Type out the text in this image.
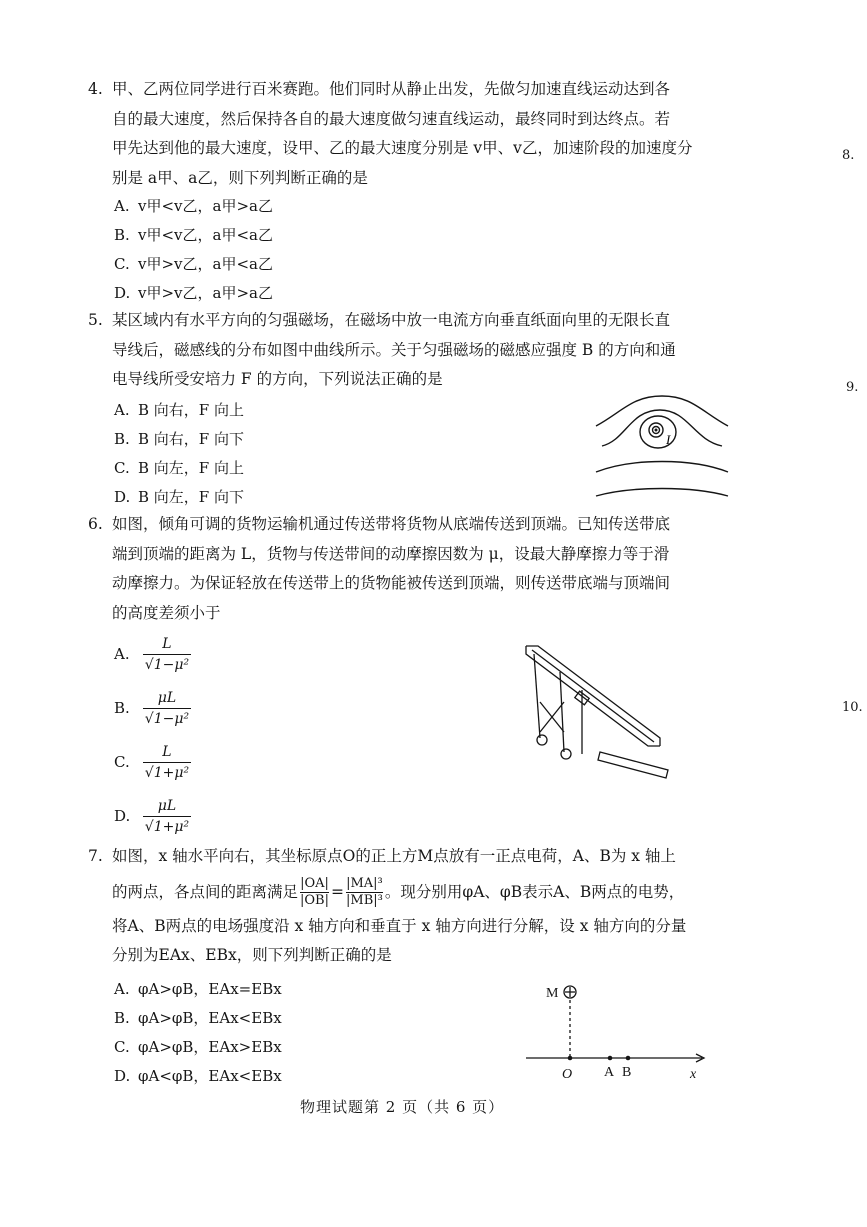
4. 甲、乙两位同学进行百米赛跑。他们同时从静止出发，先做匀加速直线运动达到各

自的最大速度，然后保持各自的最大速度做匀速直线运动，最终同时到达终点。若

甲先达到他的最大速度，设甲、乙的最大速度分别是 v甲、v乙，加速阶段的加速度分

别是 a甲、a乙，则下列判断正确的是

A. v甲<v乙，a甲>a乙
B. v甲<v乙，a甲<a乙
C. v甲>v乙，a甲<a乙
D. v甲>v乙，a甲>a乙

5. 某区域内有水平方向的匀强磁场，在磁场中放一电流方向垂直纸面向里的无限长直

导线后，磁感线的分布如图中曲线所示。关于匀强磁场的磁感应强度 B 的方向和通

电导线所受安培力 F 的方向，下列说法正确的是

A. B 向右，F 向上
B. B 向右，F 向下
C. B 向左，F 向上
D. B 向左，F 向下
I

6. 如图，倾角可调的货物运输机通过传送带将货物从底端传送到顶端。已知传送带底

端到顶端的距离为 L，货物与传送带间的动摩擦因数为 μ，设最大静摩擦力等于滑

动摩擦力。为保证轻放在传送带上的货物能被传送到顶端，则传送带底端与顶端间

的高度差须小于

A. $\frac{L}{\text{√1−μ²}}$
B. $\frac{\mu L}{\text{√1−μ²}}$
C. $\frac{L}{\text{√1+μ²}}$
D. $\frac{\mu L}{\text{√1+μ²}}$

7. 如图，x 轴水平向右，其坐标原点O的正上方M点放有一正点电荷，A、B为 x 轴上

的两点，各点间的距离满足 $\frac{|OA|}{|OB|} = \frac{\text{|MA|³}}{\text{|MB|³}}$ 。现分别用φA、φB表示A、B两点的电势，

将A、B两点的电场强度沿 x 轴方向和垂直于 x 轴方向进行分解，设 x 轴方向的分量

分别为EAx、EBx，则下列判断正确的是

A. φA>φB，EAx=EBx
B. φA>φB，EAx<EBx
C. φA>φB，EAx>EBx
D. φA<φB，EAx<EBx
M
O A B	x
8.
9.
10.
物理试题第 2 页（共 6 页）
